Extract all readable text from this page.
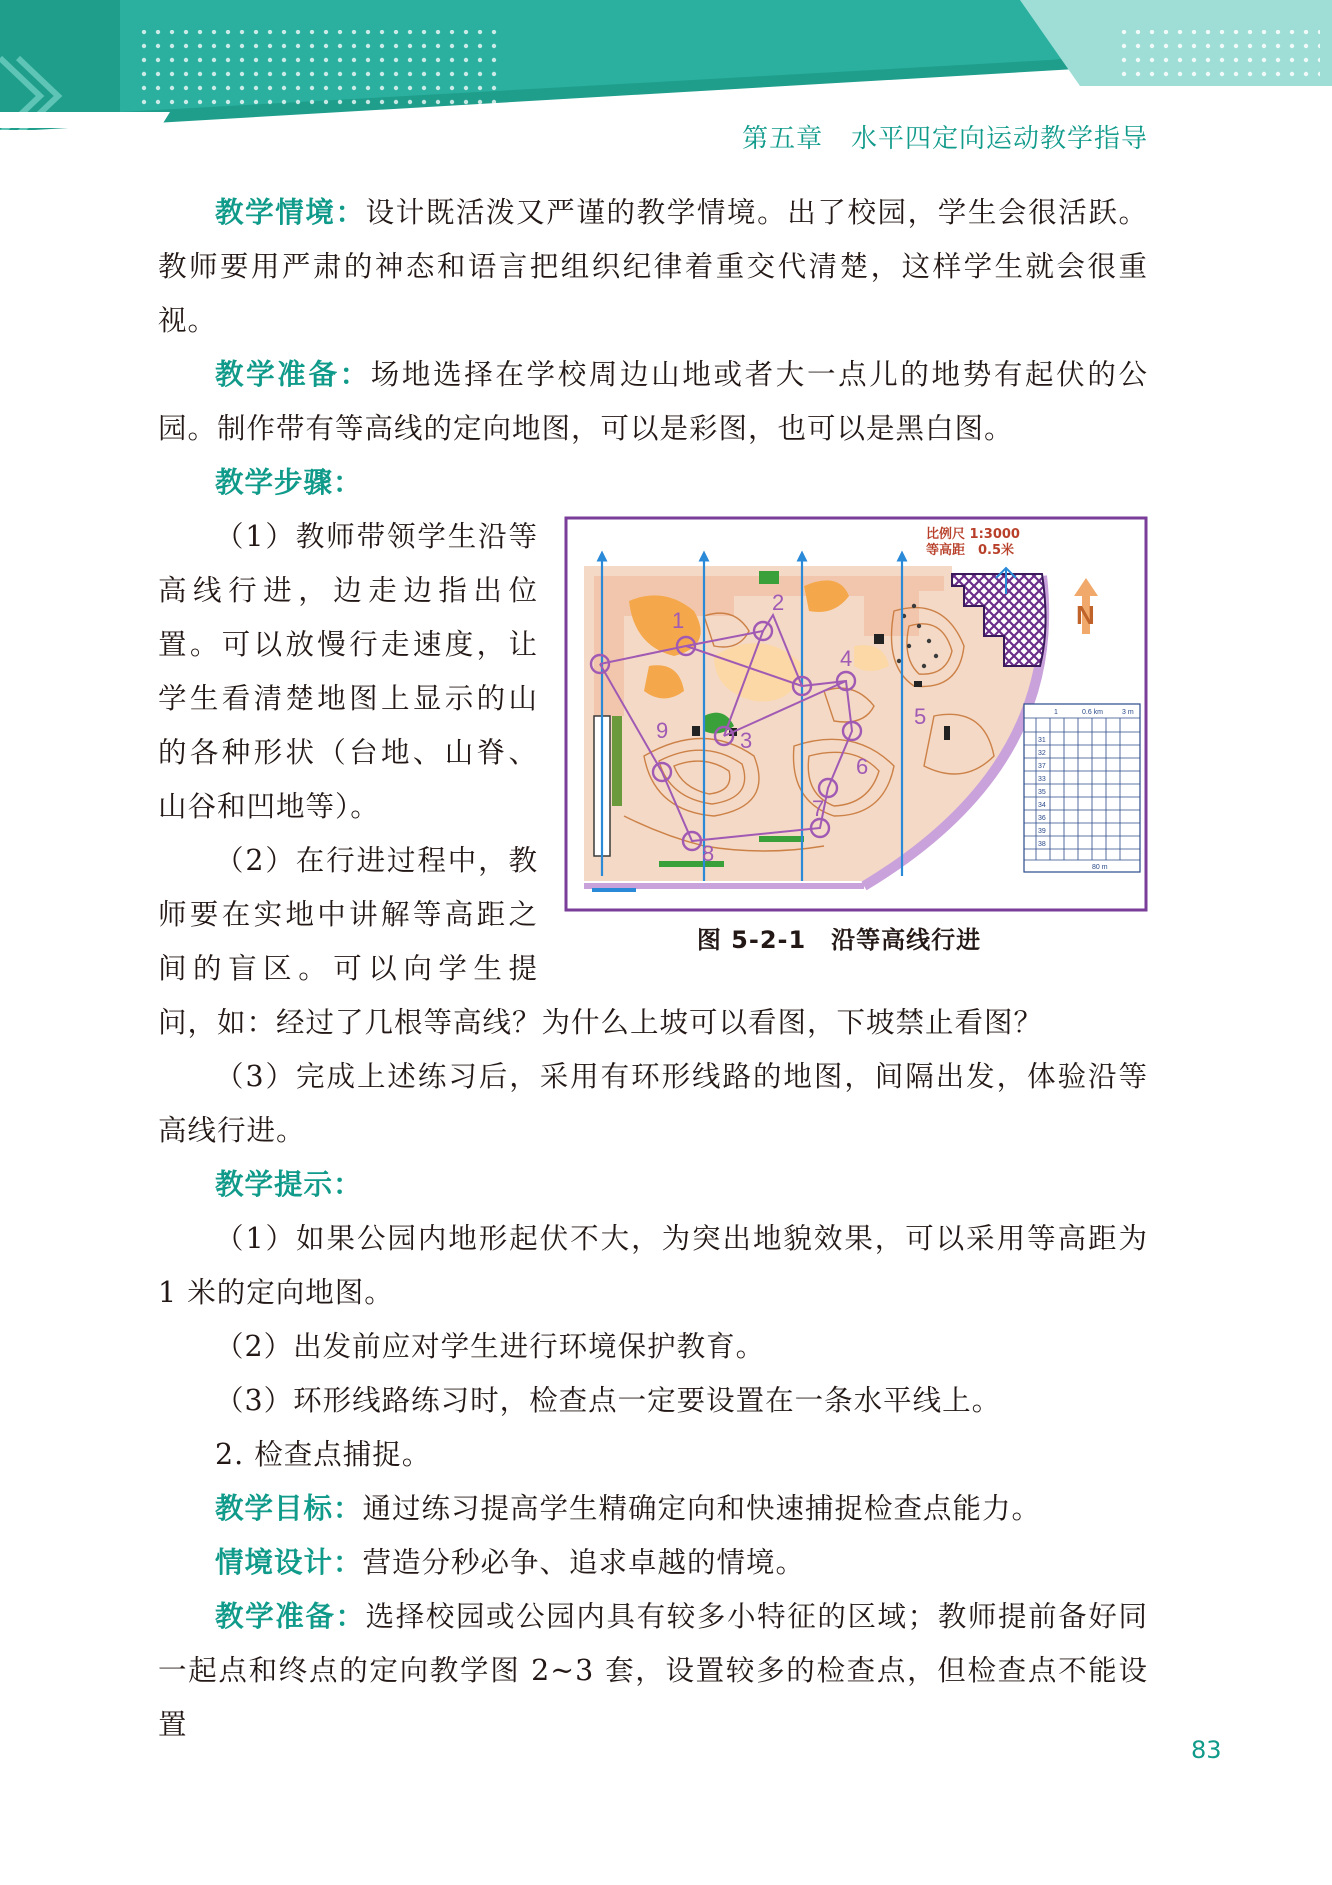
第五章 水平四定向运动教学指导

教学情境：设计既活泼又严谨的教学情境。出了校园，学生会很活跃。教师要用严肃的神态和语言把组织纪律着重交代清楚，这样学生就会很重视。

教学准备：场地选择在学校周边山地或者大一点儿的地势有起伏的公园。制作带有等高线的定向地图，可以是彩图，也可以是黑白图。

教学步骤：

1
2
3
4
5
6
7
8
9
N
比例尺 1:3000
等高距　0.5米
1	0.6 km	3 m
31
32
37
33
35
34
36
39
38
80 m
图 5-2-1　沿等高线行进

（1）教师带领学生沿等高线行进，边走边指出位置。可以放慢行走速度，让学生看清楚地图上显示的山的各种形状（台地、山脊、山谷和凹地等）。

（2）在行进过程中，教师要在实地中讲解等高距之间的盲区。可以向学生提问，如：经过了几根等高线？为什么上坡可以看图，下坡禁止看图？

（3）完成上述练习后，采用有环形线路的地图，间隔出发，体验沿等高线行进。

教学提示：

（1）如果公园内地形起伏不大，为突出地貌效果，可以采用等高距为 1 米的定向地图。

（2）出发前应对学生进行环境保护教育。

（3）环形线路练习时，检查点一定要设置在一条水平线上。

2. 检查点捕捉。

教学目标：通过练习提高学生精确定向和快速捕捉检查点能力。

情境设计：营造分秒必争、追求卓越的情境。

教学准备：选择校园或公园内具有较多小特征的区域；教师提前备好同一起点和终点的定向教学图 2~3 套，设置较多的检查点，但检查点不能设置

83
